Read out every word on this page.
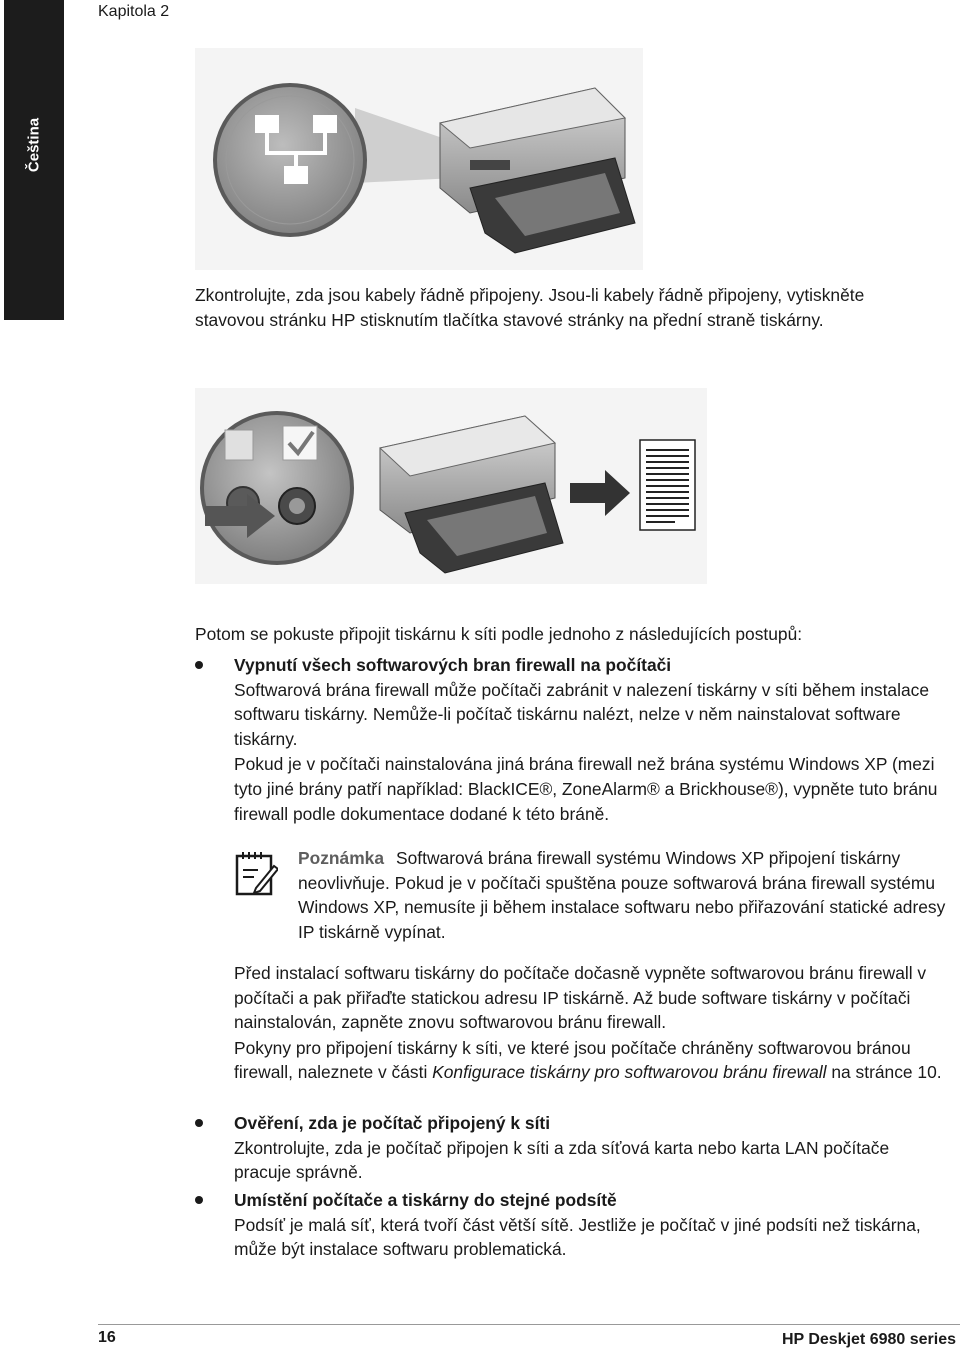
Čeština
Kapitola 2

Zkontrolujte, zda jsou kabely řádně připojeny. Jsou-li kabely řádně připojeny, vytiskněte stavovou stránku HP stisknutím tlačítka stavové stránky na přední straně tiskárny.

Potom se pokuste připojit tiskárnu k síti podle jednoho z následujících postupů:

Vypnutí všech softwarových bran firewall na počítači

Softwarová brána firewall může počítači zabránit v nalezení tiskárny v síti během instalace softwaru tiskárny. Nemůže-li počítač tiskárnu nalézt, nelze v něm nainstalovat software tiskárny.

Pokud je v počítači nainstalována jiná brána firewall než brána systému Windows XP (mezi tyto jiné brány patří například: BlackICE®, ZoneAlarm® a Brickhouse®), vypněte tuto bránu firewall podle dokumentace dodané k této bráně.

Poznámka Softwarová brána firewall systému Windows XP připojení tiskárny neovlivňuje. Pokud je v počítači spuštěna pouze softwarová brána firewall systému Windows XP, nemusíte ji během instalace softwaru nebo přiřazování statické adresy IP tiskárně vypínat.

Před instalací softwaru tiskárny do počítače dočasně vypněte softwarovou bránu firewall v počítači a pak přiřaďte statickou adresu IP tiskárně. Až bude software tiskárny v počítači nainstalován, zapněte znovu softwarovou bránu firewall.

Pokyny pro připojení tiskárny k síti, ve které jsou počítače chráněny softwarovou bránou firewall, naleznete v části Konfigurace tiskárny pro softwarovou bránu firewall na stránce 10.

Ověření, zda je počítač připojený k síti

Zkontrolujte, zda je počítač připojen k síti a zda síťová karta nebo karta LAN počítače pracuje správně.

Umístění počítače a tiskárny do stejné podsítě

Podsíť je malá síť, která tvoří část větší sítě. Jestliže je počítač v jiné podsíti než tiskárna, může být instalace softwaru problematická.

16	HP Deskjet 6980 series
